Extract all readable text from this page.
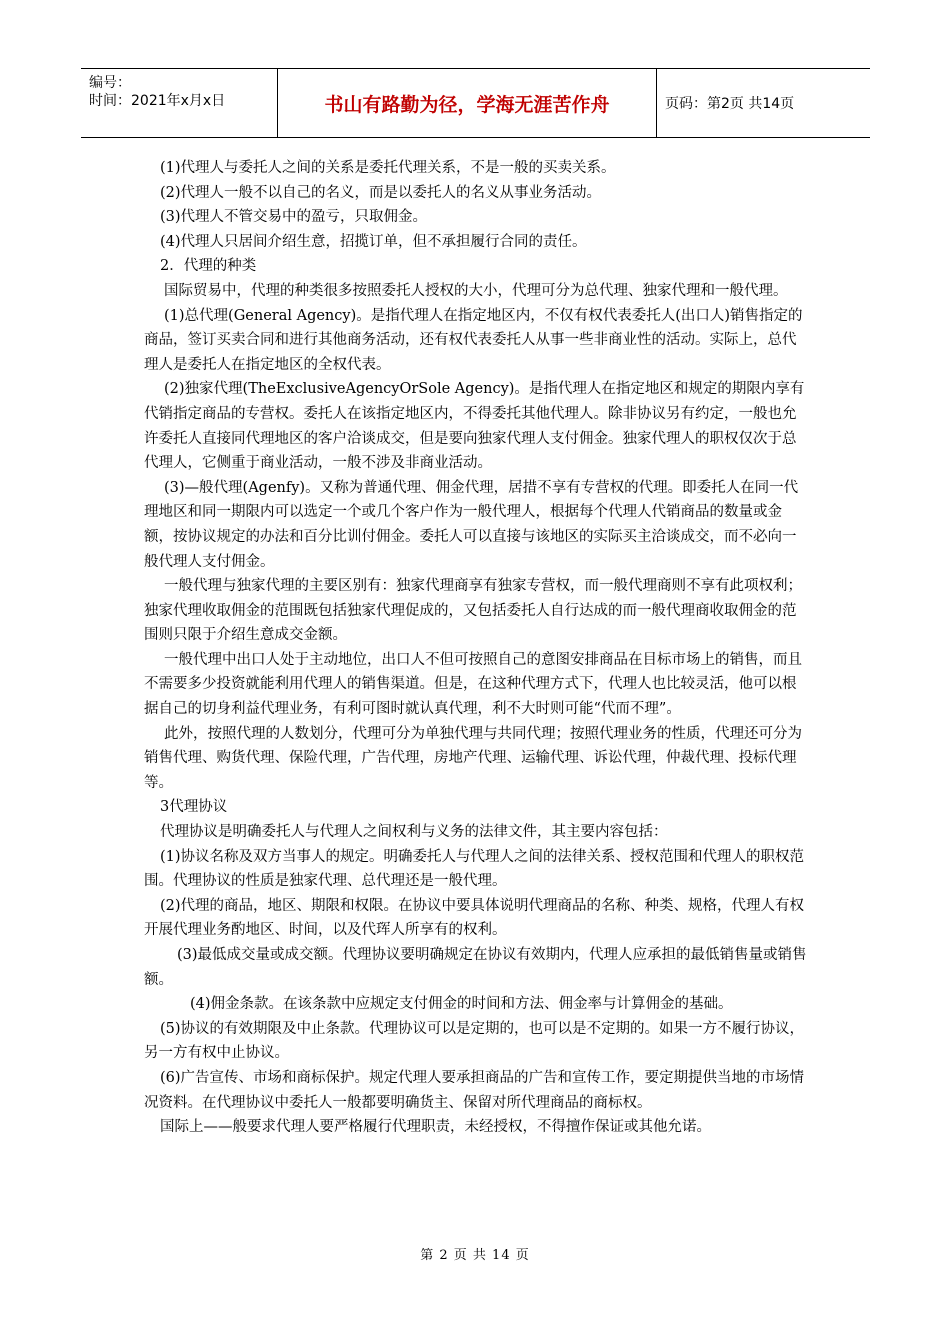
编号：
时间：2021年x月x日	书山有路勤为径，学海无涯苦作舟	页码：第2页 共14页

(1)代理人与委托人之间的关系是委托代理关系，不是一般的买卖关系。

(2)代理人一般不以自己的名义，而是以委托人的名义从事业务活动。

(3)代理人不管交易中的盈亏，只取佣金。

(4)代理人只居间介绍生意，招揽订单，但不承担履行合同的责任。

2．代理的种类

国际贸易中，代理的种类很多按照委托人授权的大小，代理可分为总代理、独家代理和一般代理。

(1)总代理(General Agency)。是指代理人在指定地区内，不仅有权代表委托人(出口人)销售指定的商品，签订买卖合同和进行其他商务活动，还有权代表委托人从事一些非商业性的活动。实际上，总代理人是委托人在指定地区的全权代表。

(2)独家代理(TheExclusiveAgencyOrSole Agency)。是指代理人在指定地区和规定的期限内享有代销指定商品的专营权。委托人在该指定地区内，不得委托其他代理人。除非协议另有约定，一般也允许委托人直接同代理地区的客户洽谈成交，但是要向独家代理人支付佣金。独家代理人的职权仅次于总代理人，它侧重于商业活动，一般不涉及非商业活动。

(3)—般代理(Agenfy)。又称为普通代理、佣金代理，居措不享有专营权的代理。即委托人在同一代理地区和同一期限内可以选定一个或几个客户作为一般代理人，根据每个代理人代销商品的数量或金额，按协议规定的办法和百分比训付佣金。委托人可以直接与该地区的实际买主洽谈成交，而不必向一般代理人支付佣金。

一般代理与独家代理的主要区别有：独家代理商享有独家专营权，而一般代理商则不享有此项权利；独家代理收取佣金的范围既包括独家代理促成的，又包括委托人自行达成的而一般代理商收取佣金的范围则只限于介绍生意成交金额。

一般代理中出口人处于主动地位，出口人不但可按照自己的意图安排商品在目标市场上的销售，而且不需要多少投资就能利用代理人的销售渠道。但是，在这种代理方式下，代理人也比较灵活，他可以根据自己的切身利益代理业务，有利可图时就认真代理，利不大时则可能“代而不理”。

此外，按照代理的人数划分，代理可分为单独代理与共同代理；按照代理业务的性质，代理还可分为销售代理、购货代理、保险代理，广告代理，房地产代理、运输代理、诉讼代理，仲裁代理、投标代理等。

3代理协议

代理协议是明确委托人与代理人之间权利与义务的法律文件，其主要内容包括：

(1)协议名称及双方当事人的规定。明确委托人与代理人之间的法律关系、授权范围和代理人的职权范围。代理协议的性质是独家代理、总代理还是一般代理。

(2)代理的商品，地区、期限和权限。在协议中要具体说明代理商品的名称、种类、规格，代理人有权开展代理业务酌地区、时间，以及代珲人所享有的权利。

(3)最低成交量或成交额。代理协议要明确规定在协议有效期内，代理人应承担的最低销售量或销售额。

(4)佣金条款。在该条款中应规定支付佣金的时间和方法、佣金率与计算佣金的基础。

(5)协议的有效期限及中止条款。代理协议可以是定期的，也可以是不定期的。如果一方不履行协议，另一方有权中止协议。

(6)广告宣传、市场和商标保护。规定代理人要承担商品的广告和宣传工作，要定期提供当地的市场情况资料。在代理协议中委托人一般都要明确货主、保留对所代理商品的商标权。

国际上——般要求代理人要严格履行代理职责，未经授权，不得擅作保证或其他允诺。

第 2 页 共 14 页
